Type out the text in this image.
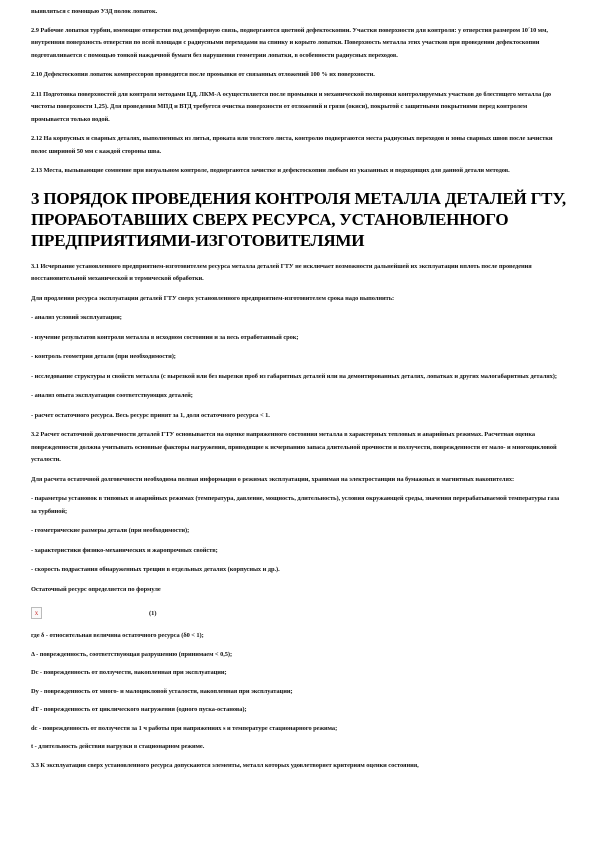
выявляться с помощью УЗД полок лопаток.

2.9 Рабочие лопатки турбин, имеющие отверстия под демпферную связь, подвергаются цветной дефектоскопии. Участки поверхности для контроля: у отверстия размером 10´10 мм, внутренняя поверхность отверстия по всей площади с радиусными переходами на спинку и корыто лопатки. Поверхность металла этих участков при проведении дефектоскопии подготавливается с помощью тонкой наждачной бумаги без нарушения геометрии лопатки, в особенности радиусных переходов.

2.10 Дефектоскопия лопаток компрессоров проводится после промывки от связанных отложений 100 % их поверхности.

2.11 Подготовка поверхностей для контроля методами ЦД, ЛКМ-А осуществляется после промывки и механической полировки контролируемых участков до блестящего металла (до чистоты поверхности 1,25). Для проведения МПД и ВТД требуется очистка поверхности от отложений и грязи (окиси), покрытой с защитными покрытиями перед контролем промывается только водой.

2.12 На корпусных и сварных деталях, выполненных из литья, проката или толстого листа, контролю подвергаются места радиусных переходов и зоны сварных швов после зачистки полос шириной 50 мм с каждой стороны шва.

2.13 Места, вызывающие сомнение при визуальном контроле, подвергаются зачистке и дефектоскопии любым из указанных и подходящих для данной детали методов.

3 ПОРЯДОК ПРОВЕДЕНИЯ КОНТРОЛЯ МЕТАЛЛА ДЕТАЛЕЙ ГТУ, ПРОРАБОТАВШИХ СВЕРХ РЕСУРСА, УСТАНОВЛЕННОГО ПРЕДПРИЯТИЯМИ-ИЗГОТОВИТЕЛЯМИ

3.1 Исчерпание установленного предприятием-изготовителем ресурса металла деталей ГТУ не исключает возможности дальнейшей их эксплуатации вплоть после проведения восстановительной механической и термической обработки.

Для продления ресурса эксплуатации деталей ГТУ сверх установленного предприятием-изготовителем срока надо выполнить:

- анализ условий эксплуатации;

- изучение результатов контроля металла в исходном состоянии и за весь отработанный срок;

- контроль геометрии детали (при необходимости);

- исследование структуры и свойств металла (с вырезкой или без вырезки проб из габаритных деталей или на демонтированных деталях, лопатках и других малогабаритных деталях);

- анализ опыта эксплуатации соответствующих деталей;

- расчет остаточного ресурса. Весь ресурс принят за 1, доля остаточного ресурса < 1.

3.2 Расчет остаточной долговечности деталей ГТУ основывается на оценке напряженного состояния металла в характерных тепловых и аварийных режимах. Расчетная оценка поврежденности должна учитывать основные факторы нагружения, приводящие к исчерпанию запаса длительной прочности и ползучести, поврежденности от мало- и многоцикловой усталости.

Для расчета остаточной долговечности необходима полная информация о режимах эксплуатации, хранимая на электростанции на бумажных и магнитных накопителях:

- параметры установок в типовых и аварийных режимах (температура, давление, мощность, длительность), условия окружающей среды, значения перерабатываемой температуры газа за турбиной;

- геометрические размеры детали (при необходимости);

- характеристики физико-механических и жаропрочных свойств;

- скорость подрастания обнаруженных трещин в отдельных деталях (корпусных и др.).

Остаточный ресурс определяется по формуле

x	(1)

где δ - относительная величина остаточного ресурса (δ0 < 1);

Δ - поврежденность, соответствующая разрушению (принимаем < 0,5);

Dc - поврежденность от ползучести, накопленная при эксплуатации;

Dy - поврежденность от много- и малоцикловой усталости, накопленная при эксплуатации;

dT - поврежденность от циклического нагружения (одного пуска-останова);

dc - поврежденность от ползучести за 1 ч работы при напряжениях s и температуре стационарного режима;

t - длительность действия нагрузки в стационарном режиме.

3.3 К эксплуатации сверх установленного ресурса допускаются элементы, металл которых удовлетворяет критериям оценки состояния,
